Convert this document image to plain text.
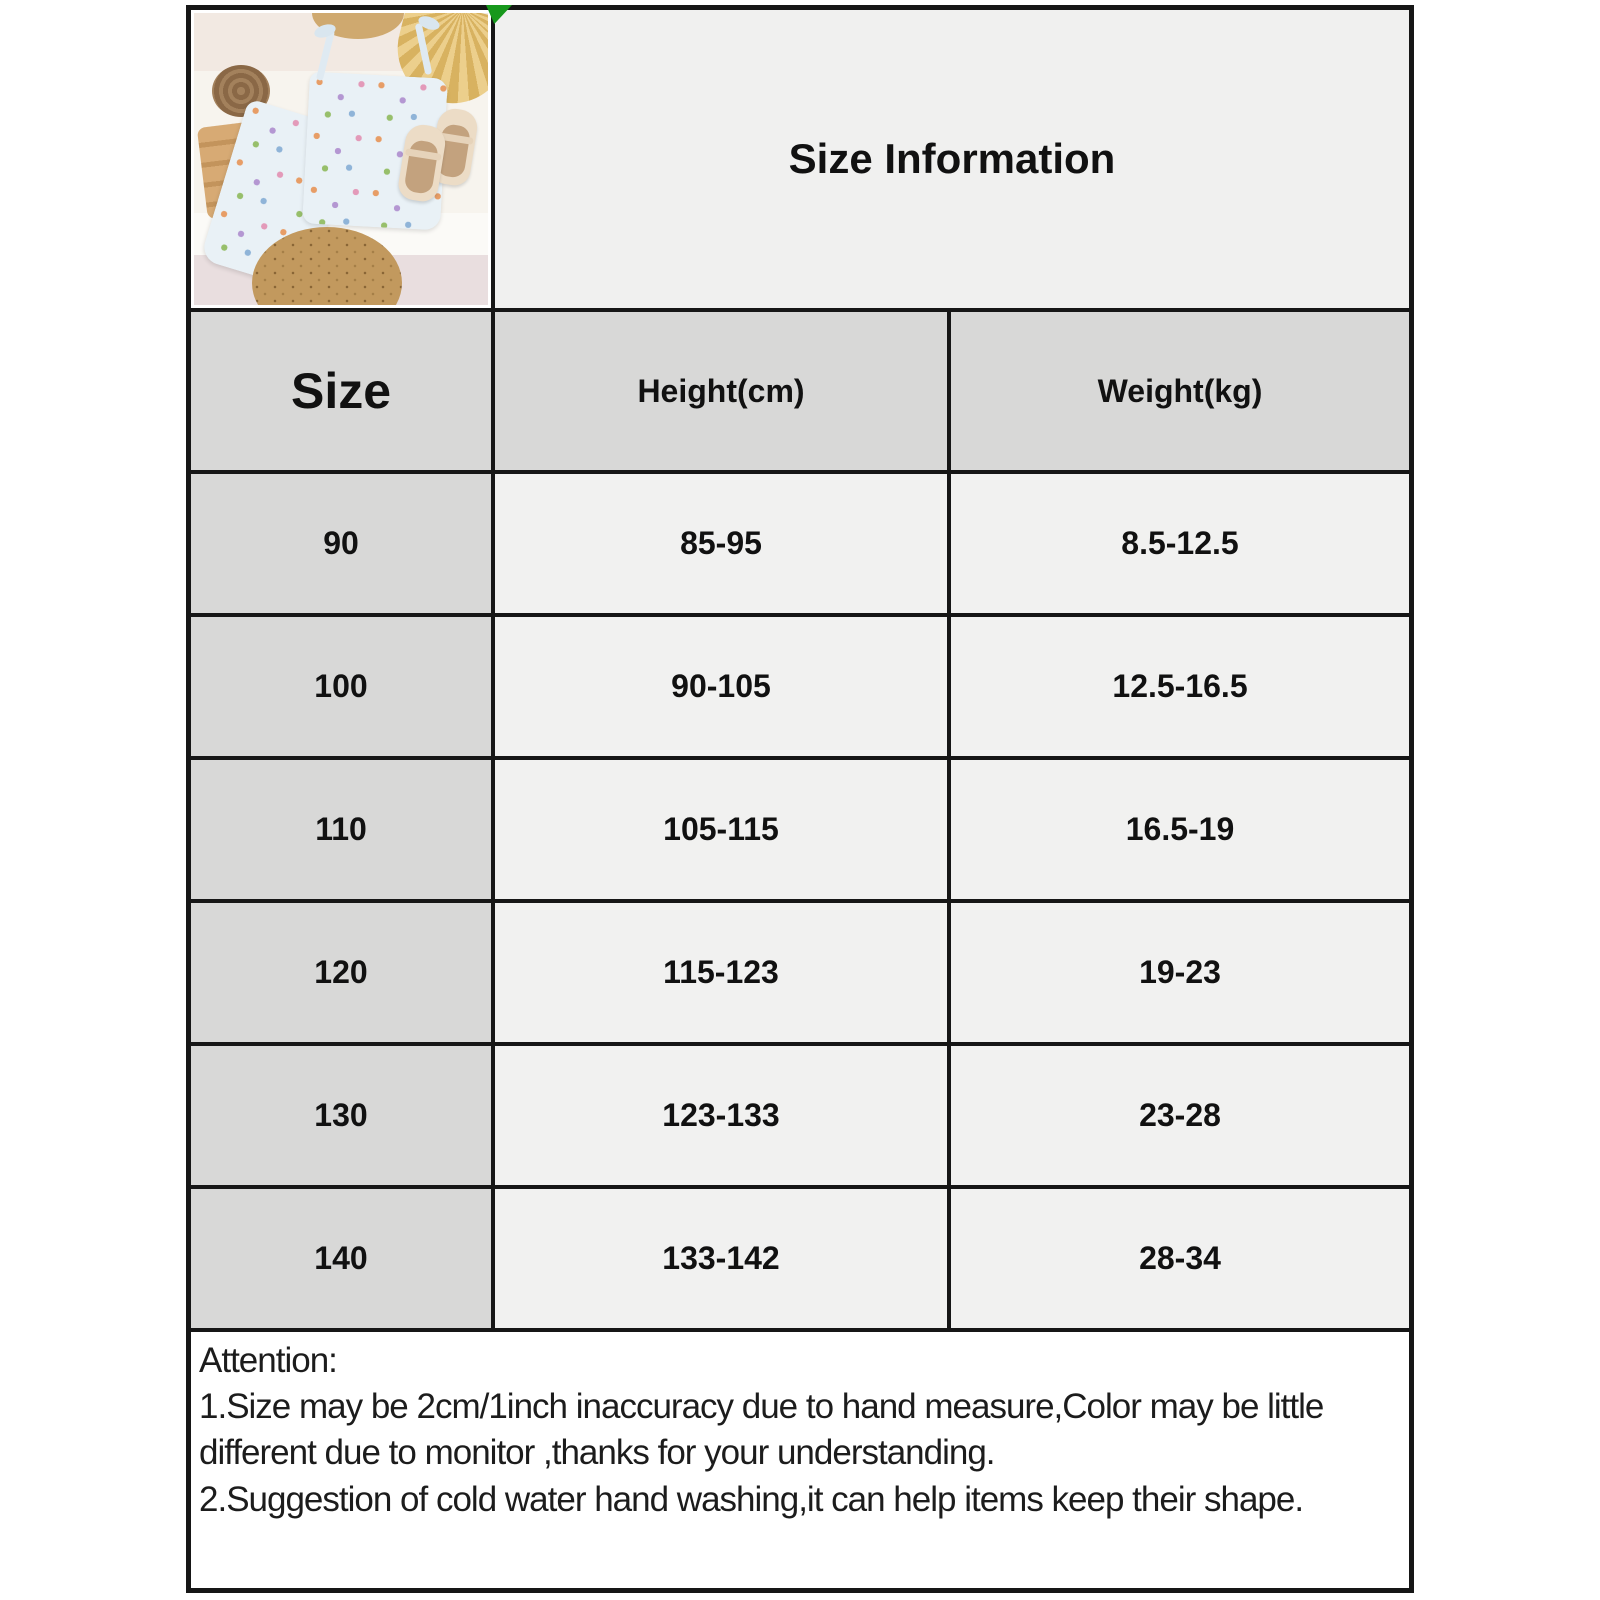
Size Information
Size	Height(cm)	Weight(kg)
90	85-95	8.5-12.5
100	90-105	12.5-16.5
110	105-115	16.5-19
120	115-123	19-23
130	123-133	23-28
140	133-142	28-34

Attention:

1.Size may be 2cm/1inch inaccuracy due to hand measure,Color may be little different due to monitor ,thanks for your understanding.

2.Suggestion of cold water hand washing,it can help items keep their shape.
